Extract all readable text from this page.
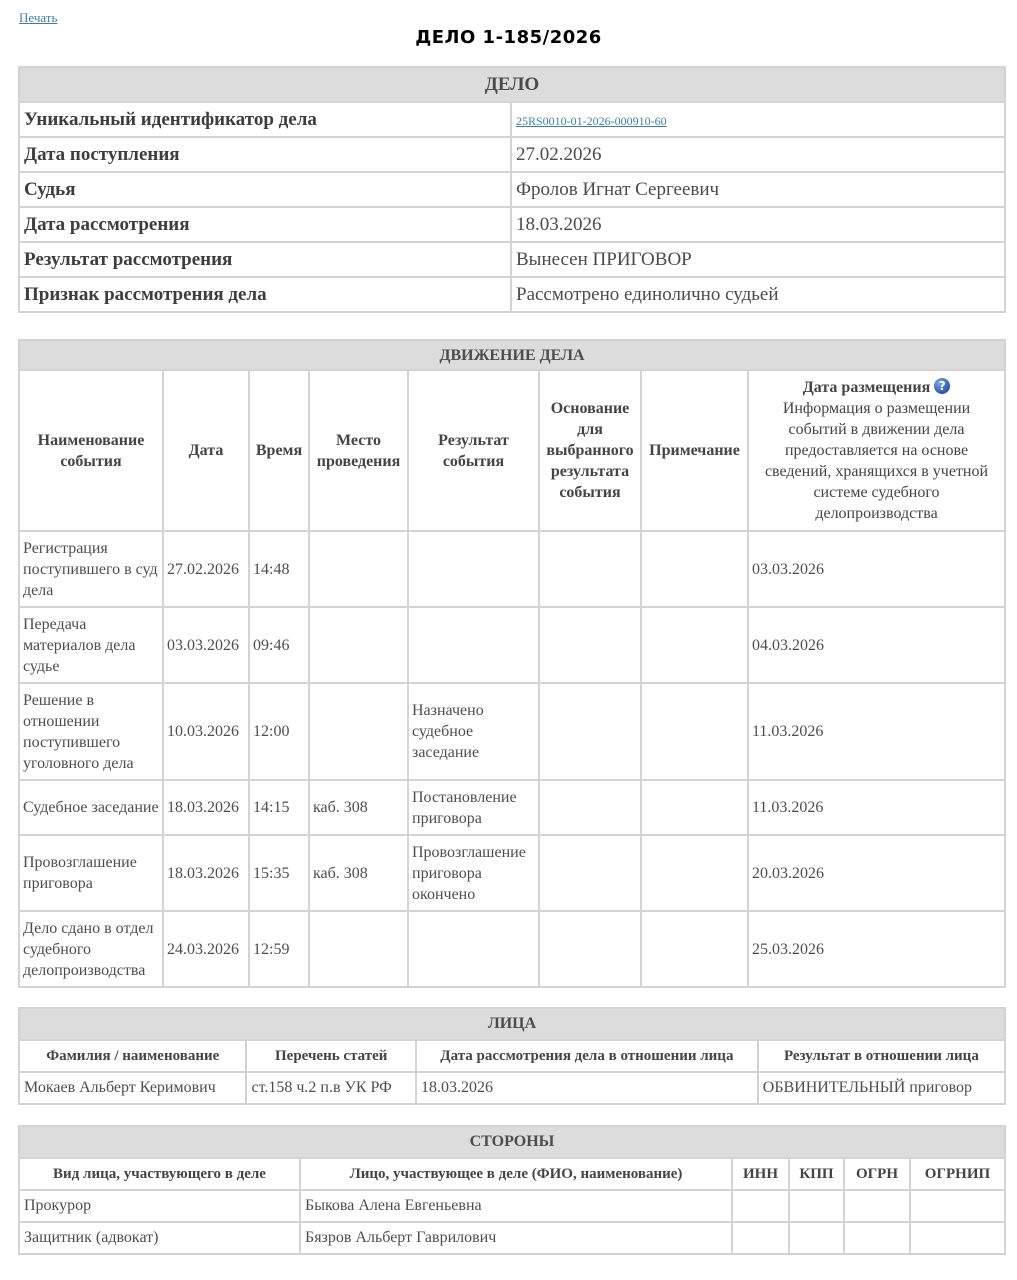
Печать
ДЕЛО 1-185/2026
ДЕЛО	
Уникальный идентификатор дела	25RS0010-01-2026-000910-60
Дата поступления	27.02.2026
Судья	Фролов Игнат Сергеевич
Дата рассмотрения	18.03.2026
Результат рассмотрения	Вынесен ПРИГОВОР
Признак рассмотрения дела	Рассмотрено единолично судьей
ДВИЖЕНИЕ ДЕЛА							
Наименование события	Дата	Время	Место проведения	Результат события	Основание для выбранного результата события	Примечание	Дата размещения ?
Информация о размещении событий в движении дела предоставляется на основе сведений, хранящихся в учетной системе судебного делопроизводства
Регистрация поступившего в суд дела	27.02.2026	14:48					03.03.2026
Передача материалов дела судье	03.03.2026	09:46					04.03.2026
Решение в отношении поступившего уголовного дела	10.03.2026	12:00		Назначено судебное заседание			11.03.2026
Судебное заседание	18.03.2026	14:15	каб. 308	Постановление приговора			11.03.2026
Провозглашение приговора	18.03.2026	15:35	каб. 308	Провозглашение приговора окончено			20.03.2026
Дело сдано в отдел судебного делопроизводства	24.03.2026	12:59					25.03.2026
ЛИЦА			
Фамилия / наименование	Перечень статей	Дата рассмотрения дела в отношении лица	Результат в отношении лица
Мокаев Альберт Керимович	ст.158 ч.2 п.в УК РФ	18.03.2026	ОБВИНИТЕЛЬНЫЙ приговор
СТОРОНЫ					
Вид лица, участвующего в деле	Лицо, участвующее в деле (ФИО, наименование)	ИНН	КПП	ОГРН	ОГРНИП
Прокурор	Быкова Алена Евгеньевна				
Защитник (адвокат)	Бязров Альберт Гаврилович				
